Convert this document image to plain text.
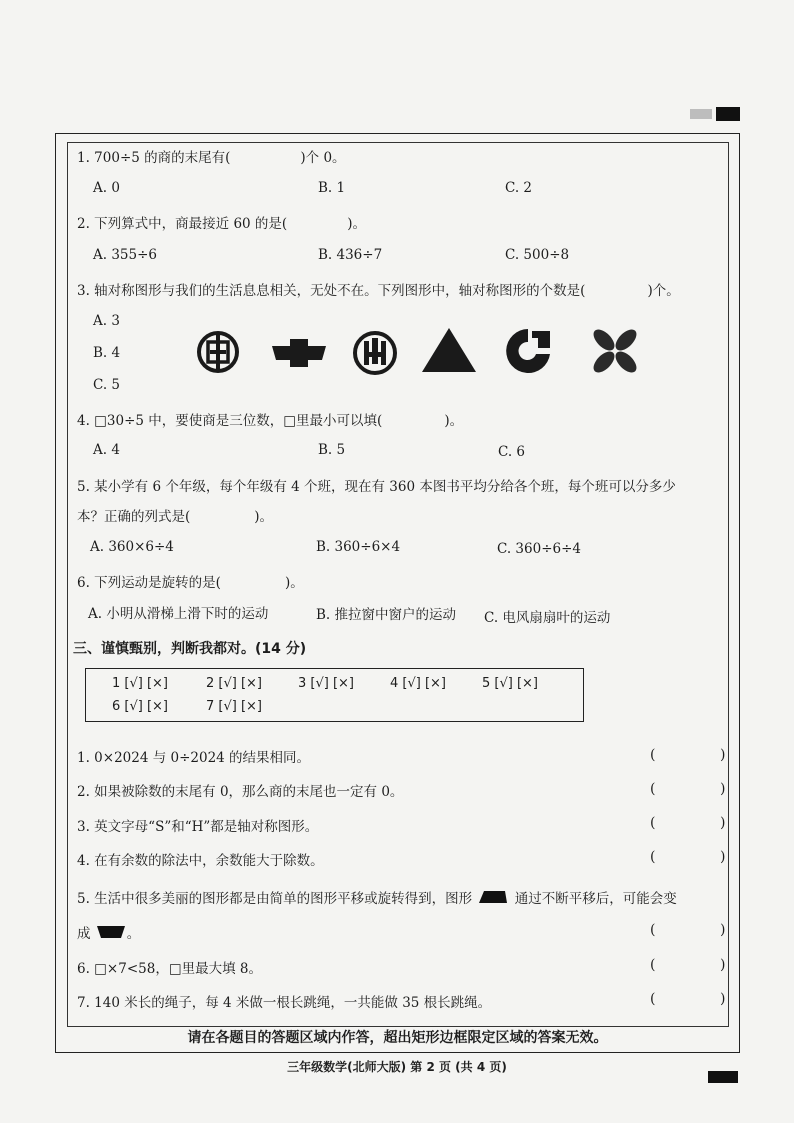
1. 700÷5 的商的末尾有(	)个 0。
A. 0	B. 1	C. 2
2. 下列算式中，商最接近 60 的是(	)。
A. 355÷6	B. 436÷7	C. 500÷8
3. 轴对称图形与我们的生活息息相关，无处不在。下列图形中，轴对称图形的个数是(	)个。
A. 3
B. 4
C. 5
4. □30÷5 中，要使商是三位数，□里最小可以填(	)。
A. 4	B. 5	C. 6
5. 某小学有 6 个年级，每个年级有 4 个班，现在有 360 本图书平均分给各个班，每个班可以分多少
本？正确的列式是(	)。
A. 360×6÷4	B. 360÷6×4	C. 360÷6÷4
6. 下列运动是旋转的是(	)。
A. 小明从滑梯上滑下时的运动	B. 推拉窗中窗户的运动 C. 电风扇扇叶的运动
三、谨慎甄别，判断我都对。(14 分)
1 [√] [×]	2 [√] [×]	3 [√] [×]	4 [√] [×]	5 [√] [×]
6 [√] [×]	7 [√] [×]
1. 0×2024 与 0÷2024 的结果相同。	(	)
2. 如果被除数的末尾有 0，那么商的末尾也一定有 0。	(	)
3. 英文字母“S”和“H”都是轴对称图形。	(	)
4. 在有余数的除法中，余数能大于除数。	(	)
5. 生活中很多美丽的图形都是由简单的图形平移或旋转得到，图形	通过不断平移后，可能会变
成	。	(	)
6. □×7<58，□里最大填 8。	(	)
7. 140 米长的绳子，每 4 米做一根长跳绳，一共能做 35 根长跳绳。	(	)
请在各题目的答题区域内作答，超出矩形边框限定区域的答案无效。
三年级数学(北师大版) 第 2 页 (共 4 页)
